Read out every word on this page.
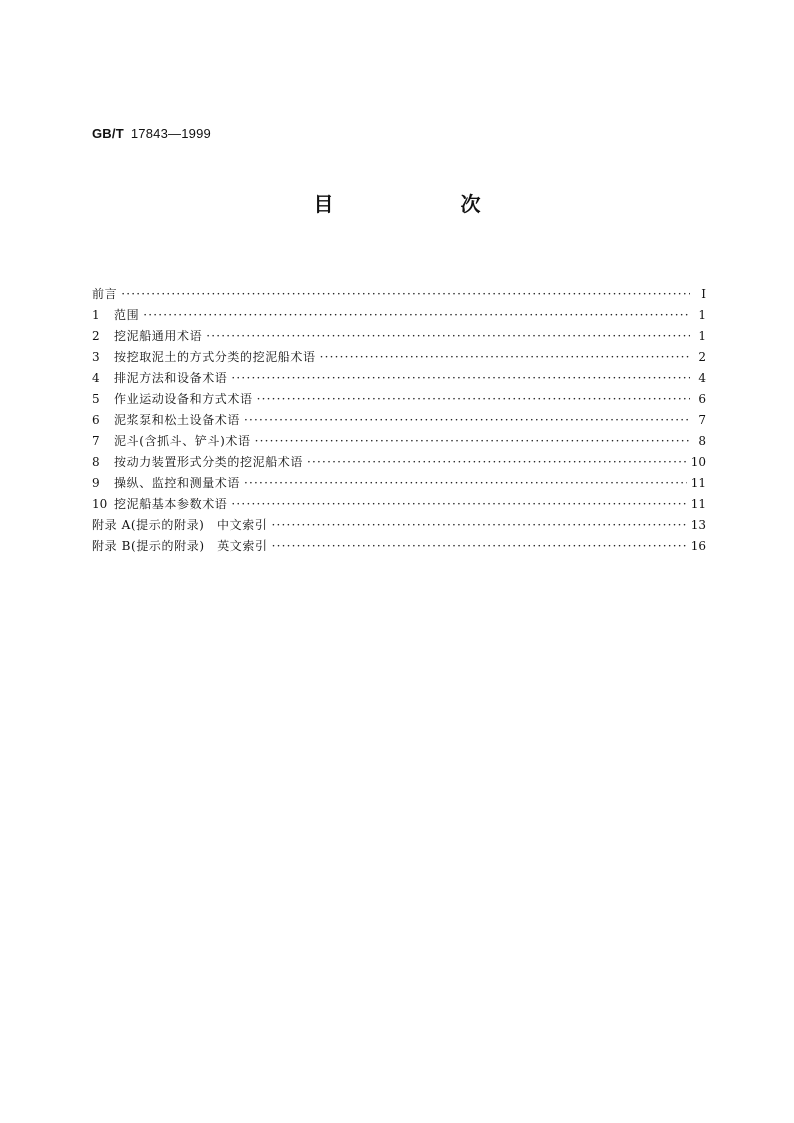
GB/T 17843—1999
目 次
前言 ·····	I
1	范围 ·····	1
2	挖泥船通用术语 ·····	1
3	按挖取泥土的方式分类的挖泥船术语 ·····	2
4	排泥方法和设备术语 ·····	4
5	作业运动设备和方式术语 ·····	6
6	泥浆泵和松土设备术语 ·····	7
7	泥斗(含抓斗、铲斗)术语 ·····	8
8	按动力装置形式分类的挖泥船术语 ·····	10
9	操纵、监控和测量术语 ·····	11
10 挖泥船基本参数术语 ·····	11
附录 A(提示的附录)　中文索引 ·····	13
附录 B(提示的附录)　英文索引 ·····	16
